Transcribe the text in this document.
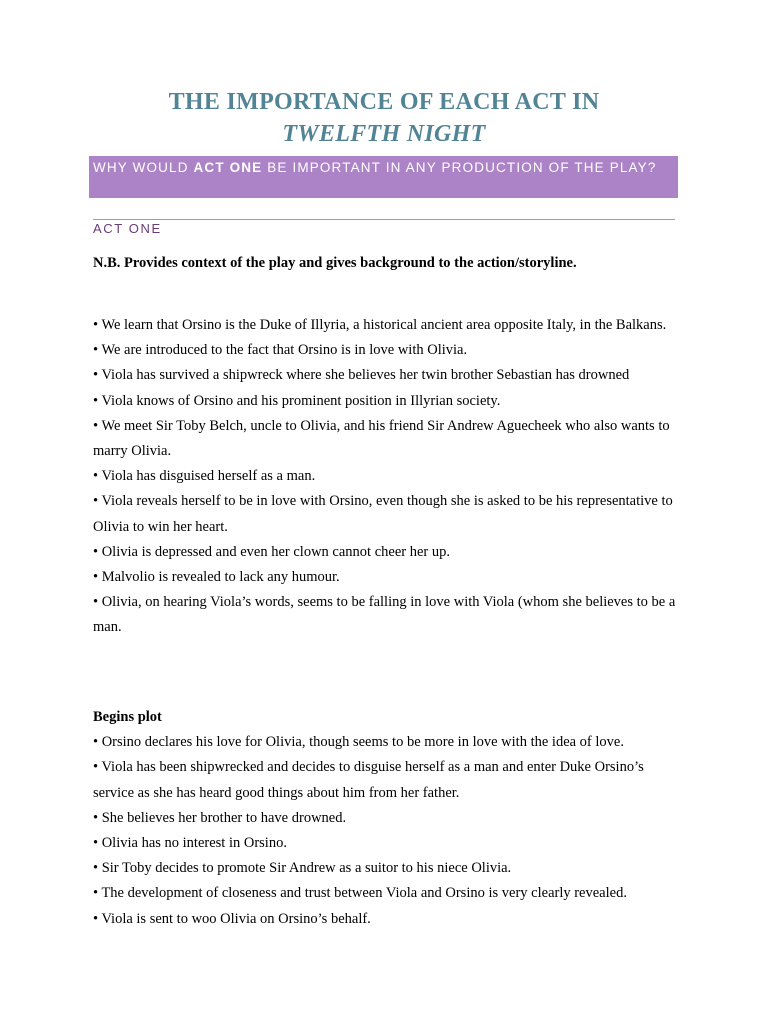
THE IMPORTANCE OF EACH ACT IN
TWELFTH NIGHT
WHY WOULD ACT ONE BE IMPORTANT IN ANY PRODUCTION OF THE PLAY?
ACT ONE
N.B. Provides context of the play and gives background to the action/storyline.

• We learn that Orsino is the Duke of Illyria, a historical ancient area opposite Italy, in the Balkans.

• We are introduced to the fact that Orsino is in love with Olivia.

• Viola has survived a shipwreck where she believes her twin brother Sebastian has drowned

• Viola knows of Orsino and his prominent position in Illyrian society.

• We meet Sir Toby Belch, uncle to Olivia, and his friend Sir Andrew Aguecheek who also wants to marry Olivia.

• Viola has disguised herself as a man.

• Viola reveals herself to be in love with Orsino, even though she is asked to be his representative to Olivia to win her heart.

• Olivia is depressed and even her clown cannot cheer her up.

• Malvolio is revealed to lack any humour.

• Olivia, on hearing Viola’s words, seems to be falling in love with Viola (whom she believes to be a man.

Begins plot

• Orsino declares his love for Olivia, though seems to be more in love with the idea of love.

• Viola has been shipwrecked and decides to disguise herself as a man and enter Duke Orsino’s service as she has heard good things about him from her father.

• She believes her brother to have drowned.

• Olivia has no interest in Orsino.

• Sir Toby decides to promote Sir Andrew as a suitor to his niece Olivia.

• The development of closeness and trust between Viola and Orsino is very clearly revealed.

• Viola is sent to woo Olivia on Orsino’s behalf.
